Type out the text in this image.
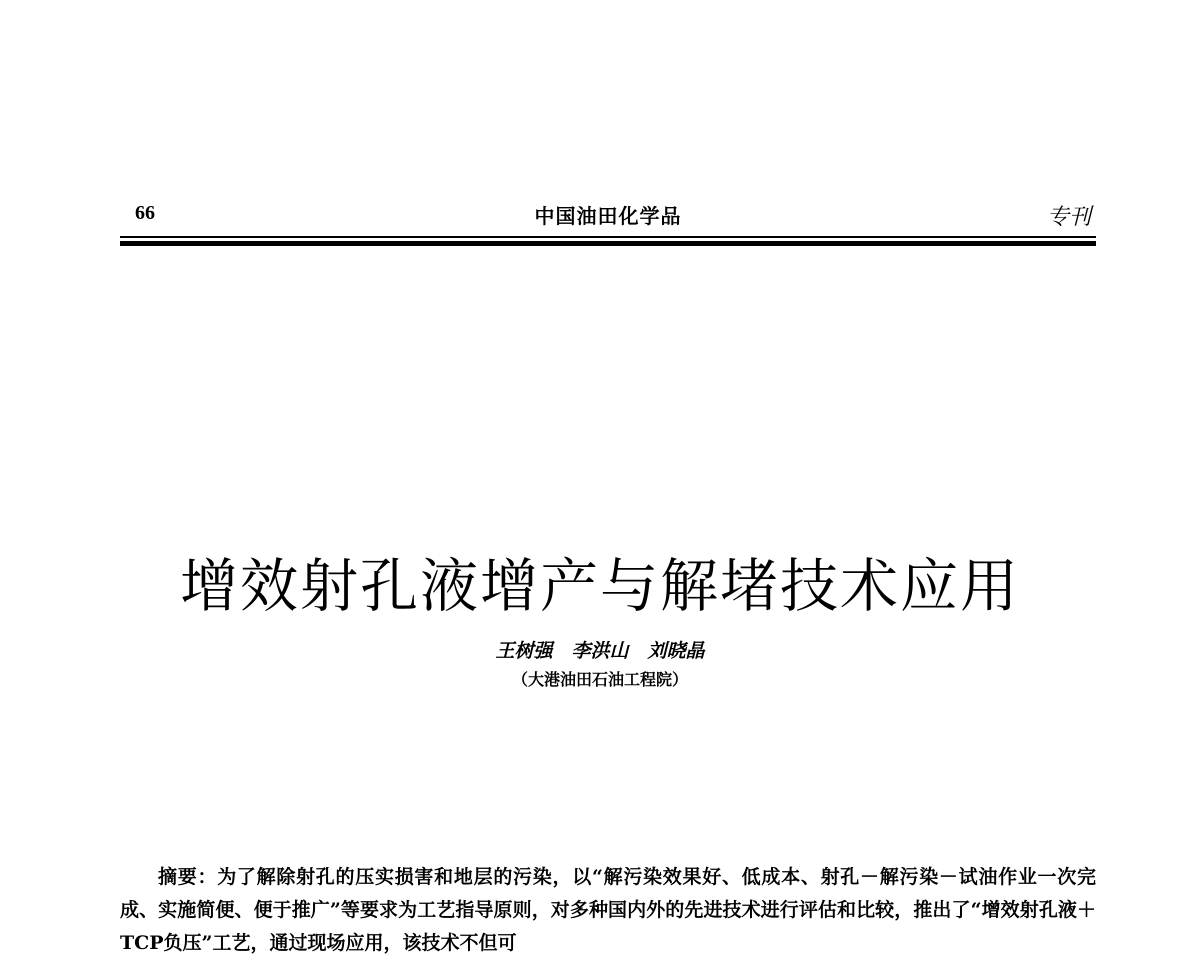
66	中国油田化学品	专刊
增效射孔液增产与解堵技术应用
王树强　李洪山　刘晓晶
（大港油田石油工程院）

摘要：为了解除射孔的压实损害和地层的污染，以“解污染效果好、低成本、射孔－解污染－试油作业一次完成、实施简便、便于推广”等要求为工艺指导原则，对多种国内外的先进技术进行评估和比较，推出了“增效射孔液＋TCP负压”工艺，通过现场应用，该技术不但可
